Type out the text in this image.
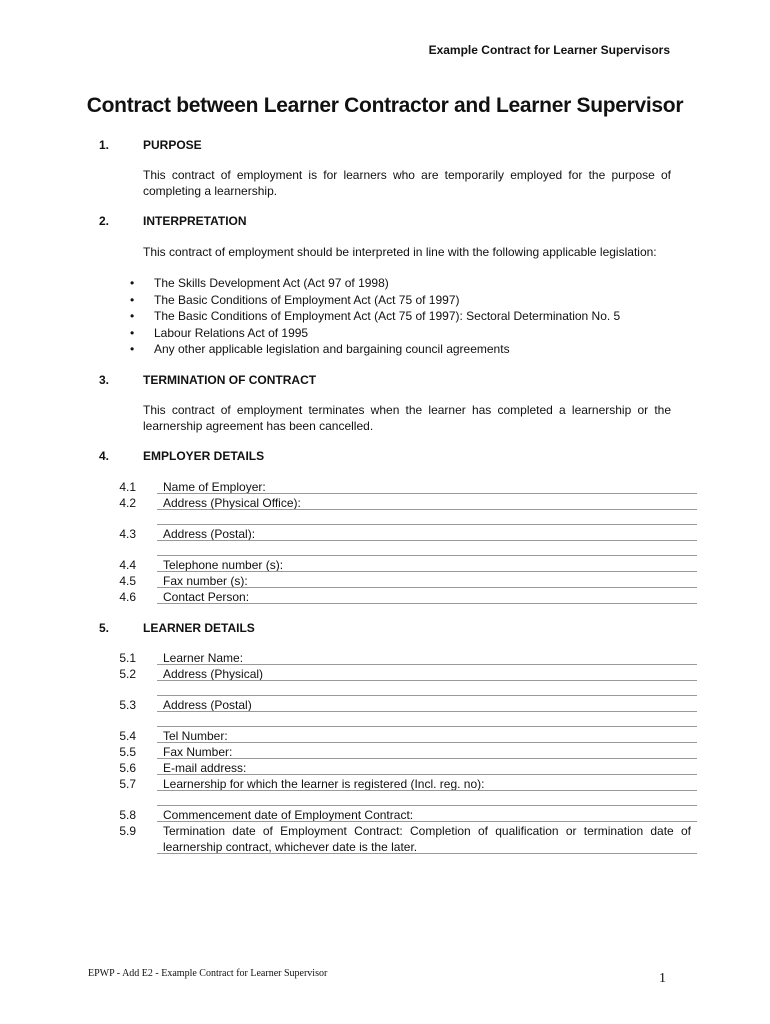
Example Contract for Learner Supervisors
Contract between Learner Contractor and Learner Supervisor
1.	PURPOSE
This contract of employment is for learners who are temporarily employed for the purpose of completing a learnership.
2.	INTERPRETATION
This contract of employment should be interpreted in line with the following applicable legislation:
• The Skills Development Act (Act 97 of 1998)
• The Basic Conditions of Employment Act (Act 75 of 1997)
• The Basic Conditions of Employment Act (Act 75 of 1997): Sectoral Determination No. 5
• Labour Relations Act of 1995
• Any other applicable legislation and bargaining council agreements
3.	TERMINATION OF CONTRACT
This contract of employment terminates when the learner has completed a learnership or the learnership agreement has been cancelled.
4.	EMPLOYER DETAILS
4.1 Name of Employer:
4.2 Address (Physical Office):
4.3 Address (Postal):
4.4 Telephone number (s):
4.5 Fax number (s):
4.6 Contact Person:
5.	LEARNER DETAILS
5.1 Learner Name:
5.2 Address (Physical)
5.3 Address (Postal)
5.4 Tel Number:
5.5 Fax Number:
5.6 E-mail address:
5.7 Learnership for which the learner is registered (Incl. reg. no):
5.8 Commencement date of Employment Contract:
5.9 Termination date of Employment Contract: Completion of qualification or termination date of learnership contract, whichever date is the later.
EPWP - Add E2 - Example Contract for Learner Supervisor	1
